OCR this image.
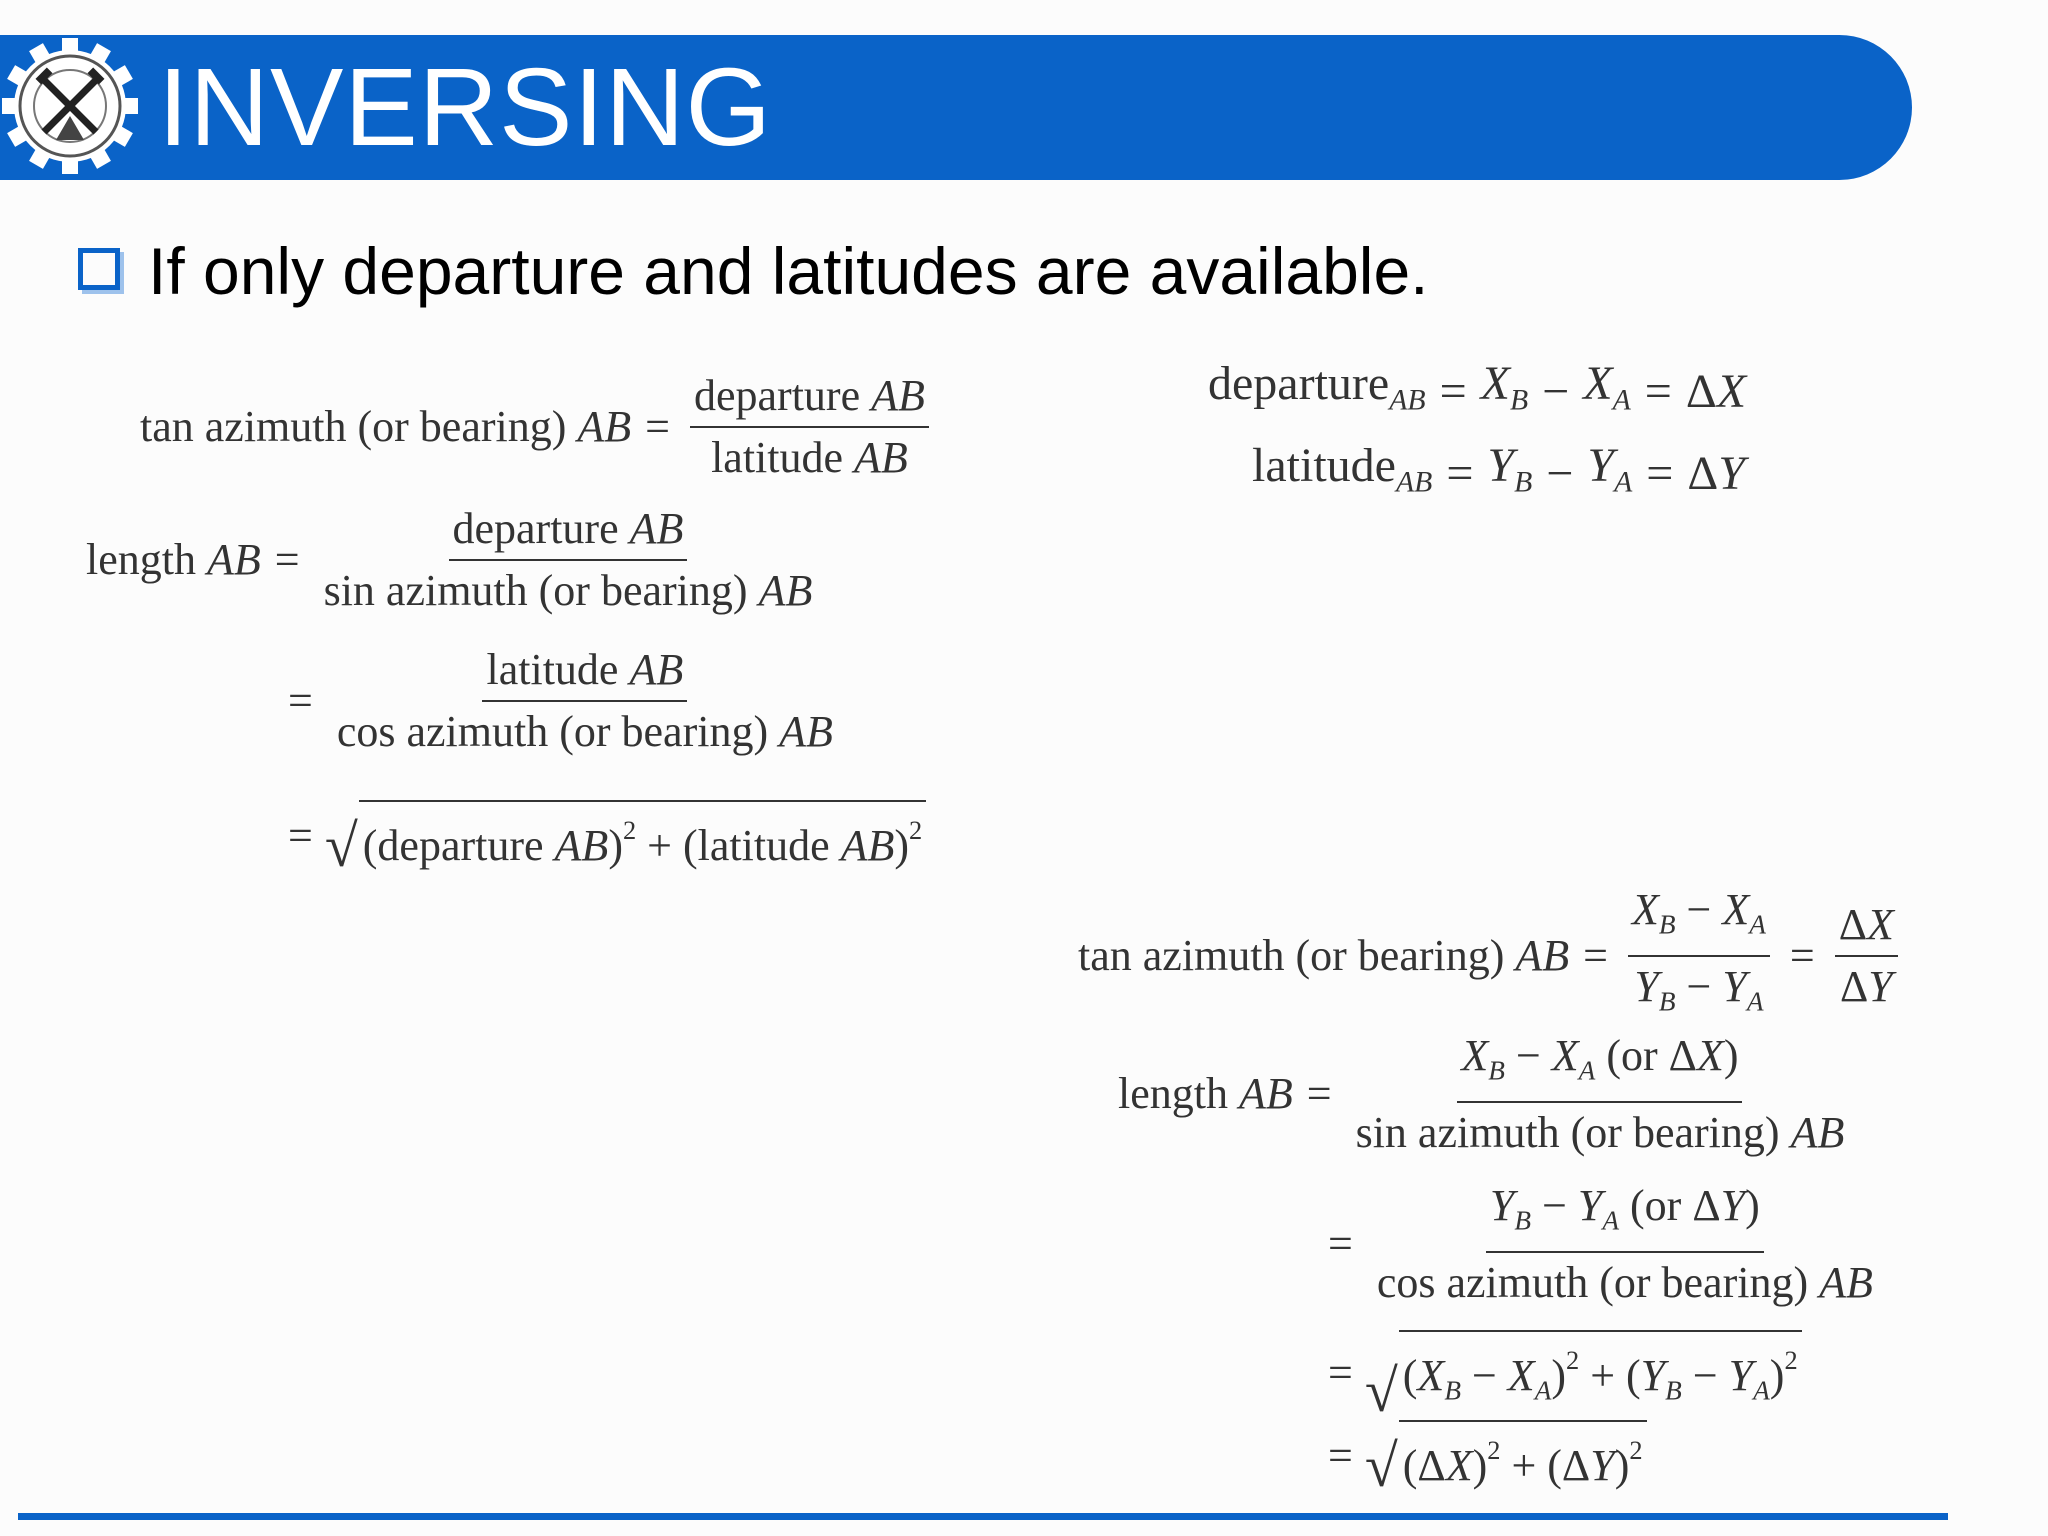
INVERSING
If only departure and latitudes are available.
tan azimuth (or bearing) AB = $\frac{\text{departure AB}}{\text{latitude AB}}$
length AB = $\frac{\text{departure AB}}{\text{sin azimuth (or bearing) AB}}$
= $\frac{\text{latitude AB}}{\text{cos azimuth (or bearing) AB}}$
= √ (departure AB)$^2$ + (latitude AB)$^2$
departure$_{AB}$ = $X_B - X_A = \Delta X$
latitude$_{AB}$ = $Y_B - Y_A = \Delta Y$
tan azimuth (or bearing) AB = $\frac{X_B - X_A}{Y_B - Y_A} = \frac{\Delta X}{\Delta Y}$
length AB = $\frac{X_B - X_A (or \Delta X)}{\text{sin azimuth (or bearing) AB}}$
= $\frac{Y_B - Y_A (or \Delta Y)}{\text{cos azimuth (or bearing) AB}}$
= √ $(X_B - X_A)^2 + (Y_B - Y_A)^2$
= √ $(\Delta X)^2 + (\Delta Y)^2$
